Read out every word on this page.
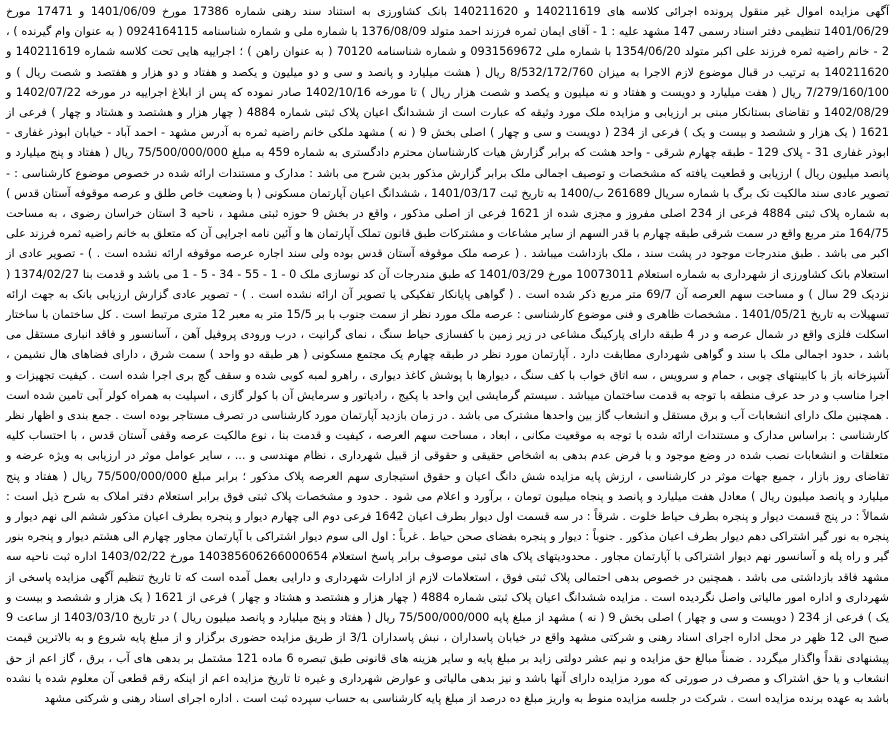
آگهی مزایده اموال غیر منقول پرونده اجرائی کلاسه های 140211619 و 140211620 بانک کشاورزی به استناد سند رهنی شماره 17386 مورخ 1401/06/09 و 17471 مورخ 1401/06/29 تنظیمی دفتر اسناد رسمی 147 مشهد علیه : 1 - آقای ایمان ثمره فرزند احمد متولد 1376/08/09 با شماره ملی و شماره شناسنامه 0924164115 ( به عنوان وام گیرنده ) ، 2 - خانم راضیه ثمره فرزند علی اکبر متولد 1354/06/20 با شماره ملی 0931569672 و شماره شناسنامه 70120 ( به عنوان راهن ) ؛ اجراییه هایی تحت کلاسه شماره 140211619 و 140211620 به ترتیب در قبال موضوع لازم الاجرا به میزان 8/532/172/760 ریال ( هشت میلیارد و پانصد و سی و دو میلیون و یکصد و هفتاد و دو هزار و هفتصد و شصت ریال ) و 7/279/160/100 ریال ( هفت میلیارد و دویست و هفتاد و نه میلیون و یکصد و شصت هزار ریال ) تا مورخه 1402/10/16 صادر نموده که پس از ابلاغ اجراییه در مورخه 1402/07/22 و 1402/08/29 و تقاضای بستانکار مبنی بر ارزیابی و مزایده ملک مورد وثیقه که عبارت است از ششدانگ اعیان پلاک ثبتی شماره 4884 ( چهار هزار و هشتصد و هشتاد و چهار ) فرعی از 1621 ( یک هزار و ششصد و بیست و یک ) فرعی از 234 ( دویست و سی و چهار ) اصلی بخش 9 ( نه ) مشهد ملکی خانم راضیه ثمره به آدرس مشهد - احمد آباد - خیابان ابوذر غفاری - ابوذر غفاری 31 - پلاک 129 - طبقه چهارم شرقی - واحد هشت که برابر گزارش هیات کارشناسان محترم دادگستری به شماره 459 به مبلغ 75/500/000/000 ریال ( هفتاد و پنج میلیارد و پانصد میلیون ریال ) ارزیابی و قطعیت یافته که مشخصات و توصیف اجمالی ملک برابر گزارش مذکور بدین شرح می باشد : مدارک و مستندات ارائه شده در خصوص موضوع کارشناسی : - تصویر عادی سند مالکیت تک برگ با شماره سریال 261689 ب/1400 به تاریخ ثبت 1401/03/17 ، ششدانگ اعیان آپارتمان مسکونی ( با وضعیت خاص طلق و عرصه موقوفه آستان قدس ) به شماره پلاک ثبتی 4884 فرعی از 234 اصلی مفروز و مجزی شده از 1621 فرعی از اصلی مذکور ، واقع در بخش 9 حوزه ثبتی مشهد ، ناحیه 3 استان خراسان رضوی ، به مساحت 164/75 متر مربع واقع در سمت شرقی طبقه چهارم با قدر السهم از سایر مشاعات و مشترکات طبق قانون تملک آپارتمان ها و آئین نامه اجرایی آن که متعلق به خانم راضیه ثمره فرزند علی اکبر می باشد . طبق مندرجات موجود در پشت سند ، ملک بازداشت میباشد . ( عرصه ملک موقوفه آستان قدس بوده ولی سند اجاره عرصه موقوفه ارائه نشده است . ) - تصویر عادی از استعلام بانک کشاورزی از شهرداری به شماره استعلام 10073011 مورخ 1401/03/29 که طبق مندرجات آن کد نوسازی ملک 0 - 1 - 55 - 34 - 5 - 1 می باشد و قدمت بنا 1374/02/27 ( نزدیک 29 سال ) و مساحت سهم العرصه آن 69/7 متر مربع ذکر شده است . ( گواهی پایانکار تفکیکی یا تصویر آن ارائه نشده است . ) - تصویر عادی گزارش ارزیابی بانک به جهت ارائه تسهیلات به تاریخ 1401/05/21 . مشخصات ظاهری و فنی موضوع کارشناسی : عرصه ملک مورد نظر از سمت جنوب با بر 15/5 متر به معبر 12 متری مرتبط است . کل ساختمان با ساختار اسکلت فلزی واقع در شمال عرصه و در 4 طبقه دارای پارکینگ مشاعی در زیر زمین با کفسازی حیاط سنگ ، نمای گرانیت ، درب ورودی پروفیل آهن ، آسانسور و فاقد انباری مستقل می باشد ، حدود اجمالی ملک با سند و گواهی شهرداری مطابقت دارد . آپارتمان مورد نظر در طبقه چهارم یک مجتمع مسکونی ( هر طبقه دو واحد ) سمت شرق ، دارای فضاهای هال نشیمن ، آشپزخانه باز با کابینتهای چوبی ، حمام و سرویس ، سه اتاق خواب با کف سنگ ، دیوارها با پوشش کاغذ دیواری ، راهرو لمبه کوبی شده و سقف گچ بری اجرا شده است . کیفیت تجهیزات و اجرا مناسب و در حد عرف منطقه با توجه به قدمت ساختمان میباشد . سیستم گرمایشی این واحد با پکیج ، رادیاتور و سرمایش آن با کولر گازی ، اسپلیت به همراه کولر آبی تامین شده است . همچنین ملک دارای انشعابات آب و برق مستقل و انشعاب گاز بین واحدها مشترک می باشد . در زمان بازدید آپارتمان مورد کارشناسی در تصرف مستاجر بوده است . جمع بندی و اظهار نظر کارشناسی : براساس مدارک و مستندات ارائه شده با توجه به موقعیت مکانی ، ابعاد ، مساحت سهم العرصه ، کیفیت و قدمت بنا ، نوع مالکیت عرصه وقفی آستان قدس ، با احتساب کلیه متعلقات و انشعابات نصب شده در وضع موجود و با فرض عدم بدهی به اشخاص حقیقی و حقوقی از قبیل شهرداری ، نظام مهندسی و ... ، سایر عوامل موثر در ارزیابی به ویژه عرضه و تقاضای روز بازار ، جمیع جهات موثر در کارشناسی ، ارزش پایه مزایده شش دانگ اعیان و حقوق استیجاری سهم العرصه پلاک مذکور ؛ برابر مبلغ 75/500/000/000 ریال ( هفتاد و پنج میلیارد و پانصد میلیون ریال ) معادل هفت میلیارد و پانصد و پنجاه میلیون تومان ، برآورد و اعلام می شود . حدود و مشخصات پلاک ثبتی فوق برابر استعلام دفتر املاک به شرح ذیل است : شمالاً : در پنج قسمت دیوار و پنجره بطرف حیاط خلوت . شرقاً : در سه قسمت اول دیوار بطرف اعیان 1642 فرعی دوم الی چهارم دیوار و پنجره بطرف اعیان مذکور ششم الی نهم دیوار و پنجره به نور گیر اشتراکی دهم دیوار بطرف اعیان مذکور . جنوباً : دیوار و پنجره بفضای صحن حیاط . غرباً : اول الی سوم دیوار اشتراکی با آپارتمان مجاور چهارم الی هشتم دیوار و پنجره بنور گیر و راه پله و آسانسور نهم دیوار اشتراکی با آپارتمان مجاور . محدودیتهای پلاک های ثبتی موصوف برابر پاسخ استعلام 140385606266000654 مورخ 1403/02/22 اداره ثبت ناحیه سه مشهد فاقد بازداشتی می باشد . همچنین در خصوص بدهی احتمالی پلاک ثبتی فوق ، استعلامات لازم از ادارات شهرداری و دارایی بعمل آمده است که تا تاریخ تنظیم آگهی مزایده پاسخی از شهرداری و اداره امور مالیاتی واصل نگردیده است . مزایده ششدانگ اعیان پلاک ثبتی شماره 4884 ( چهار هزار و هشتصد و هشتاد و چهار ) فرعی از 1621 ( یک هزار و ششصد و بیست و یک ) فرعی از 234 ( دویست و سی و چهار ) اصلی بخش 9 ( نه ) مشهد از مبلغ پایه 75/500/000/000 ریال ( هفتاد و پنج میلیارد و پانصد میلیون ریال ) در تاریخ 1403/03/10 از ساعت 9 صبح الی 12 ظهر در محل اداره اجرای اسناد رهنی و شرکتی مشهد واقع در خیابان پاسداران ، نبش پاسداران 3/1 از طریق مزایده حضوری برگزار و از مبلغ پایه شروع و به بالاترین قیمت پیشنهادی نقداً واگذار میگردد . ضمناً مبالغ حق مزایده و نیم عشر دولتی زاید بر مبلغ پایه و سایر هزینه های قانونی طبق تبصره 6 ماده 121 مشتمل بر بدهی های آب ، برق ، گاز اعم از حق انشعاب و یا حق اشتراک و مصرف در صورتی که مورد مزایده دارای آنها باشد و نیز بدهی مالیاتی و عوارض شهرداری و غیره تا تاریخ مزایده اعم از اینکه رقم قطعی آن معلوم شده یا نشده باشد به عهده برنده مزایده است . شرکت در جلسه مزایده منوط به واریز مبلغ ده درصد از مبلغ پایه کارشناسی به حساب سپرده ثبت است . اداره اجرای اسناد رهنی و شرکتی مشهد
